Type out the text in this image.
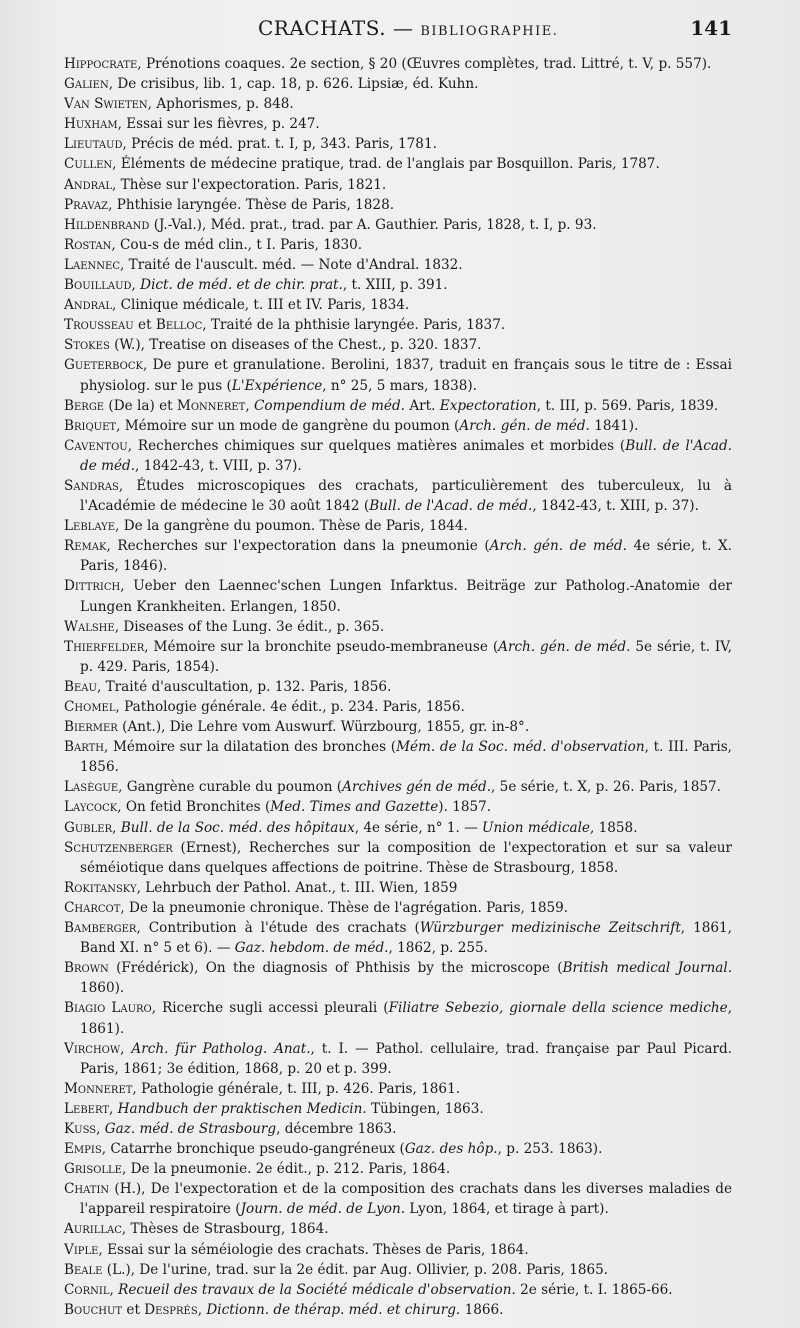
CRACHATS. — BIBLIOGRAPHIE.	141
Hippocrate, Prénotions coaques. 2e section, § 20 (Œuvres complètes, trad. Littré, t. V, p. 557).
Galien, De crisibus, lib. 1, cap. 18, p. 626. Lipsiæ, éd. Kuhn.
Van Swieten, Aphorismes, p. 848.
Huxham, Essai sur les fièvres, p. 247.
Lieutaud, Précis de méd. prat. t. I, p, 343. Paris, 1781.
Cullen, Éléments de médecine pratique, trad. de l'anglais par Bosquillon. Paris, 1787.
Andral, Thèse sur l'expectoration. Paris, 1821.
Pravaz, Phthisie laryngée. Thèse de Paris, 1828.
Hildenbrand (J.-Val.), Méd. prat., trad. par A. Gauthier. Paris, 1828, t. I, p. 93.
Rostan, Cou-s de méd clin., t I. Paris, 1830.
Laennec, Traité de l'auscult. méd. — Note d'Andral. 1832.
Bouillaud, Dict. de méd. et de chir. prat., t. XIII, p. 391.
Andral, Clinique médicale, t. III et IV. Paris, 1834.
Trousseau et Belloc, Traité de la phthisie laryngée. Paris, 1837.
Stokes (W.), Treatise on diseases of the Chest., p. 320. 1837.
Gueterbock, De pure et granulatione. Berolini, 1837, traduit en français sous le titre de : Essai physiolog. sur le pus (L'Expérience, n° 25, 5 mars, 1838).
Berge (De la) et Monneret, Compendium de méd. Art. Expectoration, t. III, p. 569. Paris, 1839.
Briquet, Mémoire sur un mode de gangrène du poumon (Arch. gén. de méd. 1841).
Caventou, Recherches chimiques sur quelques matières animales et morbides (Bull. de l'Acad. de méd., 1842-43, t. VIII, p. 37).
Sandras, Études microscopiques des crachats, particulièrement des tuberculeux, lu à l'Académie de médecine le 30 août 1842 (Bull. de l'Acad. de méd., 1842-43, t. XIII, p. 37).
Leblaye, De la gangrène du poumon. Thèse de Paris, 1844.
Remak, Recherches sur l'expectoration dans la pneumonie (Arch. gén. de méd. 4e série, t. X. Paris, 1846).
Dittrich, Ueber den Laennec'schen Lungen Infarktus. Beiträge zur Patholog.-Anatomie der Lungen Krankheiten. Erlangen, 1850.
Walshe, Diseases of the Lung. 3e édit., p. 365.
Thierfelder, Mémoire sur la bronchite pseudo-membraneuse (Arch. gén. de méd. 5e série, t. IV, p. 429. Paris, 1854).
Beau, Traité d'auscultation, p. 132. Paris, 1856.
Chomel, Pathologie générale. 4e édit., p. 234. Paris, 1856.
Biermer (Ant.), Die Lehre vom Auswurf. Würzbourg, 1855, gr. in-8°.
Barth, Mémoire sur la dilatation des bronches (Mém. de la Soc. méd. d'observation, t. III. Paris, 1856.
Lasègue, Gangrène curable du poumon (Archives gén de méd., 5e série, t. X, p. 26. Paris, 1857.
Laycock, On fetid Bronchites (Med. Times and Gazette). 1857.
Gubler, Bull. de la Soc. méd. des hôpitaux, 4e série, n° 1. — Union médicale, 1858.
Schutzenberger (Ernest), Recherches sur la composition de l'expectoration et sur sa valeur séméiotique dans quelques affections de poitrine. Thèse de Strasbourg, 1858.
Rokitansky, Lehrbuch der Pathol. Anat., t. III. Wien, 1859
Charcot, De la pneumonie chronique. Thèse de l'agrégation. Paris, 1859.
Bamberger, Contribution à l'étude des crachats (Würzburger medizinische Zeitschrift, 1861, Band XI. n° 5 et 6). — Gaz. hebdom. de méd., 1862, p. 255.
Brown (Frédérick), On the diagnosis of Phthisis by the microscope (British medical Journal. 1860).
Biagio Lauro, Ricerche sugli accessi pleurali (Filiatre Sebezio, giornale della science mediche, 1861).
Virchow, Arch. für Patholog. Anat., t. I. — Pathol. cellulaire, trad. française par Paul Picard. Paris, 1861; 3e édition, 1868, p. 20 et p. 399.
Monneret, Pathologie générale, t. III, p. 426. Paris, 1861.
Lebert, Handbuch der praktischen Medicin. Tübingen, 1863.
Kuss, Gaz. méd. de Strasbourg, décembre 1863.
Empis, Catarrhe bronchique pseudo-gangréneux (Gaz. des hôp., p. 253. 1863).
Grisolle, De la pneumonie. 2e édit., p. 212. Paris, 1864.
Chatin (H.), De l'expectoration et de la composition des crachats dans les diverses maladies de l'appareil respiratoire (Journ. de méd. de Lyon. Lyon, 1864, et tirage à part).
Aurillac, Thèses de Strasbourg, 1864.
Viple, Essai sur la séméiologie des crachats. Thèses de Paris, 1864.
Beale (L.), De l'urine, trad. sur la 2e édit. par Aug. Ollivier, p. 208. Paris, 1865.
Cornil, Recueil des travaux de la Société médicale d'observation. 2e série, t. I. 1865-66.
Bouchut et Després, Dictionn. de thérap. méd. et chirurg. 1866.
